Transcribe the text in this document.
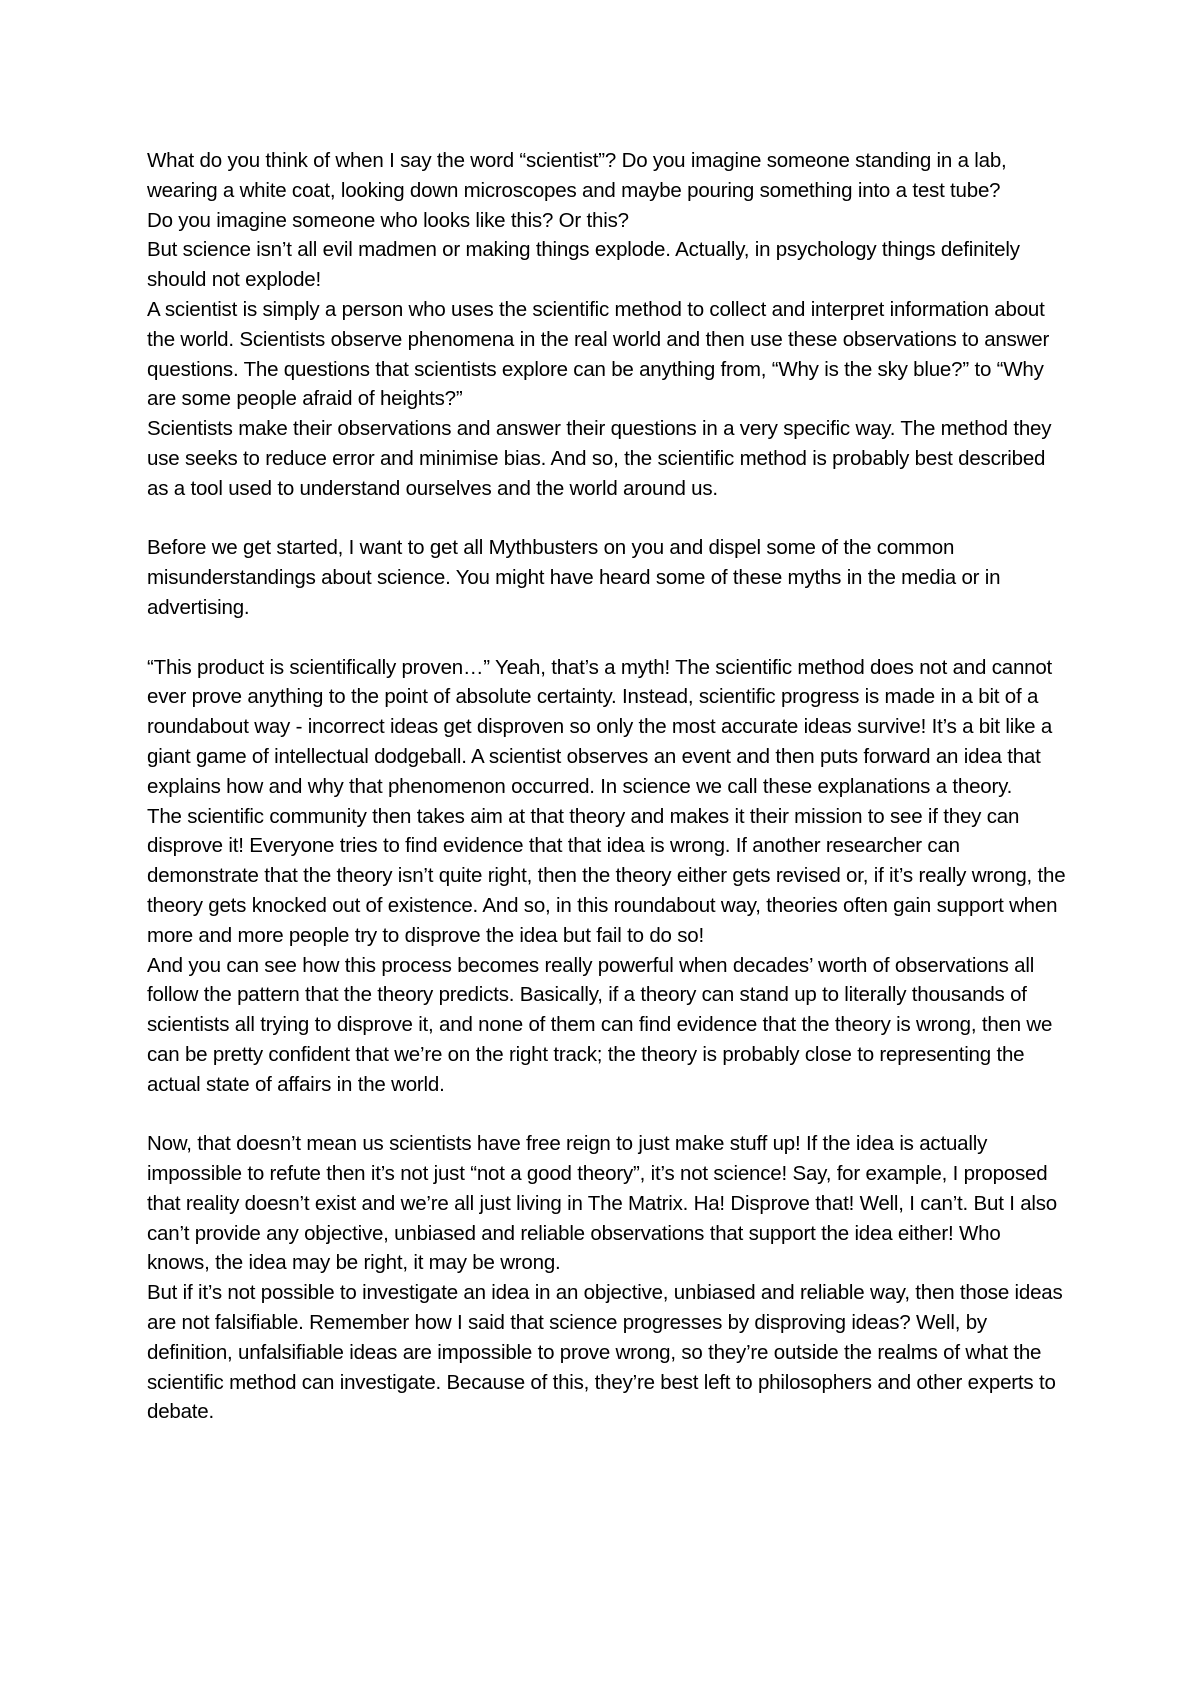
What do you think of when I say the word “scientist”? Do you imagine someone standing in a lab, wearing a white coat, looking down microscopes and maybe pouring something into a test tube?

Do you imagine someone who looks like this? Or this?

But science isn’t all evil madmen or making things explode. Actually, in psychology things definitely should not explode!

A scientist is simply a person who uses the scientific method to collect and interpret information about the world. Scientists observe phenomena in the real world and then use these observations to answer questions. The questions that scientists explore can be anything from, “Why is the sky blue?” to “Why are some people afraid of heights?”

Scientists make their observations and answer their questions in a very specific way. The method they use seeks to reduce error and minimise bias. And so, the scientific method is probably best described as a tool used to understand ourselves and the world around us.

Before we get started, I want to get all Mythbusters on you and dispel some of the common misunderstandings about science. You might have heard some of these myths in the media or in advertising.

“This product is scientifically proven…” Yeah, that’s a myth! The scientific method does not and cannot ever prove anything to the point of absolute certainty. Instead, scientific progress is made in a bit of a roundabout way - incorrect ideas get disproven so only the most accurate ideas survive! It’s a bit like a giant game of intellectual dodgeball. A scientist observes an event and then puts forward an idea that explains how and why that phenomenon occurred. In science we call these explanations a theory.

The scientific community then takes aim at that theory and makes it their mission to see if they can disprove it! Everyone tries to find evidence that that idea is wrong. If another researcher can demonstrate that the theory isn’t quite right, then the theory either gets revised or, if it’s really wrong, the theory gets knocked out of existence. And so, in this roundabout way, theories often gain support when more and more people try to disprove the idea but fail to do so!

And you can see how this process becomes really powerful when decades’ worth of observations all follow the pattern that the theory predicts. Basically, if a theory can stand up to literally thousands of scientists all trying to disprove it, and none of them can find evidence that the theory is wrong, then we can be pretty confident that we’re on the right track; the theory is probably close to representing the actual state of affairs in the world.

Now, that doesn’t mean us scientists have free reign to just make stuff up! If the idea is actually impossible to refute then it’s not just “not a good theory”, it’s not science! Say, for example, I proposed that reality doesn’t exist and we’re all just living in The Matrix. Ha! Disprove that! Well, I can’t. But I also can’t provide any objective, unbiased and reliable observations that support the idea either! Who knows, the idea may be right, it may be wrong.

But if it’s not possible to investigate an idea in an objective, unbiased and reliable way, then those ideas are not falsifiable. Remember how I said that science progresses by disproving ideas? Well, by definition, unfalsifiable ideas are impossible to prove wrong, so they’re outside the realms of what the scientific method can investigate. Because of this, they’re best left to philosophers and other experts to debate.
